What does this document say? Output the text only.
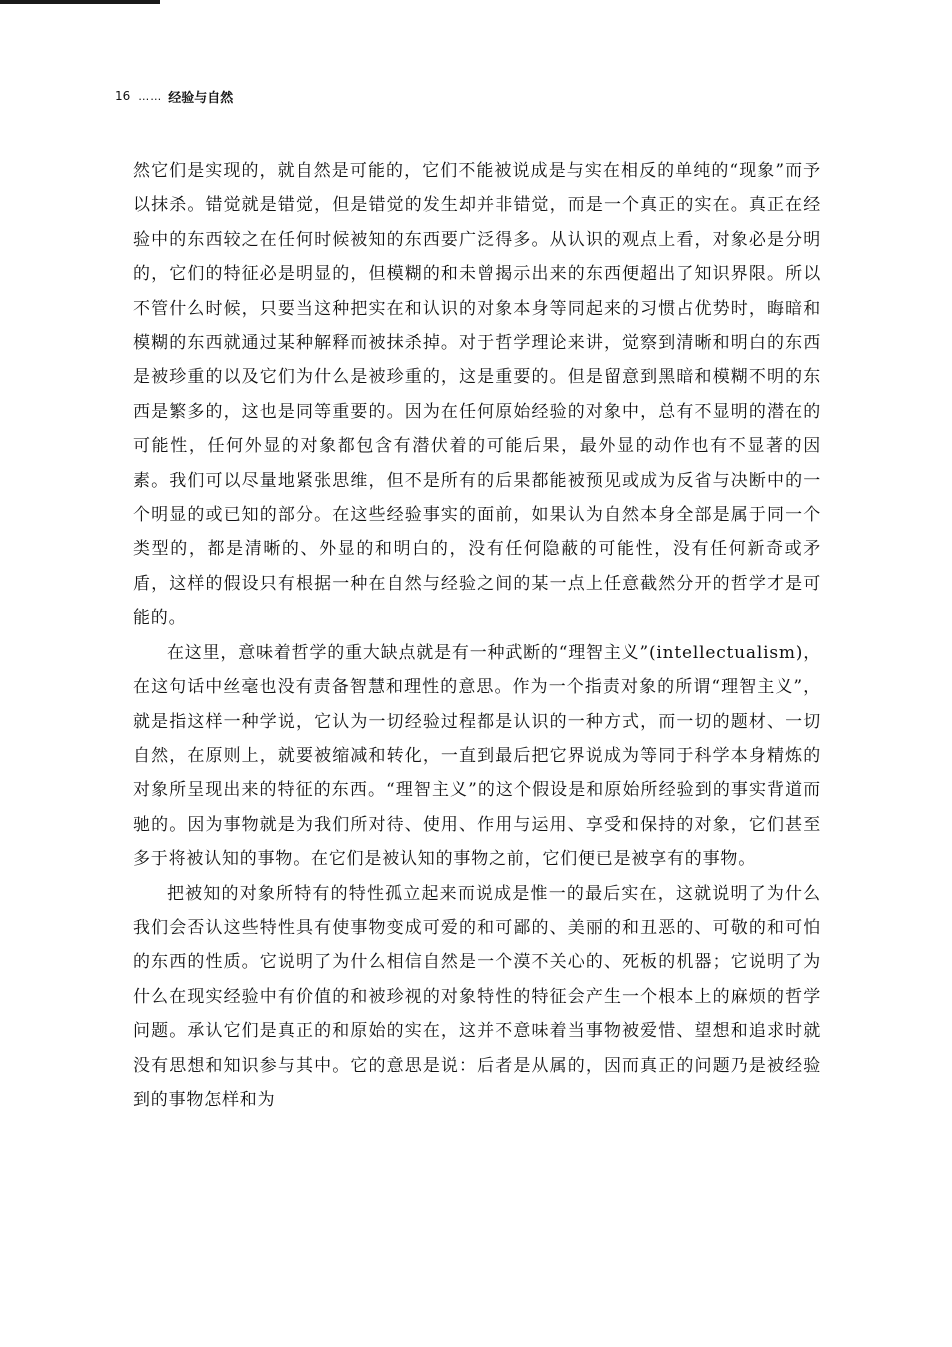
16 …… 经验与自然

然它们是实现的，就自然是可能的，它们不能被说成是与实在相反的单纯的“现象”而予以抹杀。错觉就是错觉，但是错觉的发生却并非错觉，而是一个真正的实在。真正在经验中的东西较之在任何时候被知的东西要广泛得多。从认识的观点上看，对象必是分明的，它们的特征必是明显的，但模糊的和未曾揭示出来的东西便超出了知识界限。所以不管什么时候，只要当这种把实在和认识的对象本身等同起来的习惯占优势时，晦暗和模糊的东西就通过某种解释而被抹杀掉。对于哲学理论来讲，觉察到清晰和明白的东西是被珍重的以及它们为什么是被珍重的，这是重要的。但是留意到黑暗和模糊不明的东西是繁多的，这也是同等重要的。因为在任何原始经验的对象中，总有不显明的潜在的可能性，任何外显的对象都包含有潜伏着的可能后果，最外显的动作也有不显著的因素。我们可以尽量地紧张思维，但不是所有的后果都能被预见或成为反省与决断中的一个明显的或已知的部分。在这些经验事实的面前，如果认为自然本身全部是属于同一个类型的，都是清晰的、外显的和明白的，没有任何隐蔽的可能性，没有任何新奇或矛盾，这样的假设只有根据一种在自然与经验之间的某一点上任意截然分开的哲学才是可能的。

在这里，意味着哲学的重大缺点就是有一种武断的“理智主义”(intellectualism)，在这句话中丝毫也没有责备智慧和理性的意思。作为一个指责对象的所谓“理智主义”，就是指这样一种学说，它认为一切经验过程都是认识的一种方式，而一切的题材、一切自然，在原则上，就要被缩减和转化，一直到最后把它界说成为等同于科学本身精炼的对象所呈现出来的特征的东西。“理智主义”的这个假设是和原始所经验到的事实背道而驰的。因为事物就是为我们所对待、使用、作用与运用、享受和保持的对象，它们甚至多于将被认知的事物。在它们是被认知的事物之前，它们便已是被享有的事物。

把被知的对象所特有的特性孤立起来而说成是惟一的最后实在，这就说明了为什么我们会否认这些特性具有使事物变成可爱的和可鄙的、美丽的和丑恶的、可敬的和可怕的东西的性质。它说明了为什么相信自然是一个漠不关心的、死板的机器；它说明了为什么在现实经验中有价值的和被珍视的对象特性的特征会产生一个根本上的麻烦的哲学问题。承认它们是真正的和原始的实在，这并不意味着当事物被爱惜、望想和追求时就没有思想和知识参与其中。它的意思是说：后者是从属的，因而真正的问题乃是被经验到的事物怎样和为
